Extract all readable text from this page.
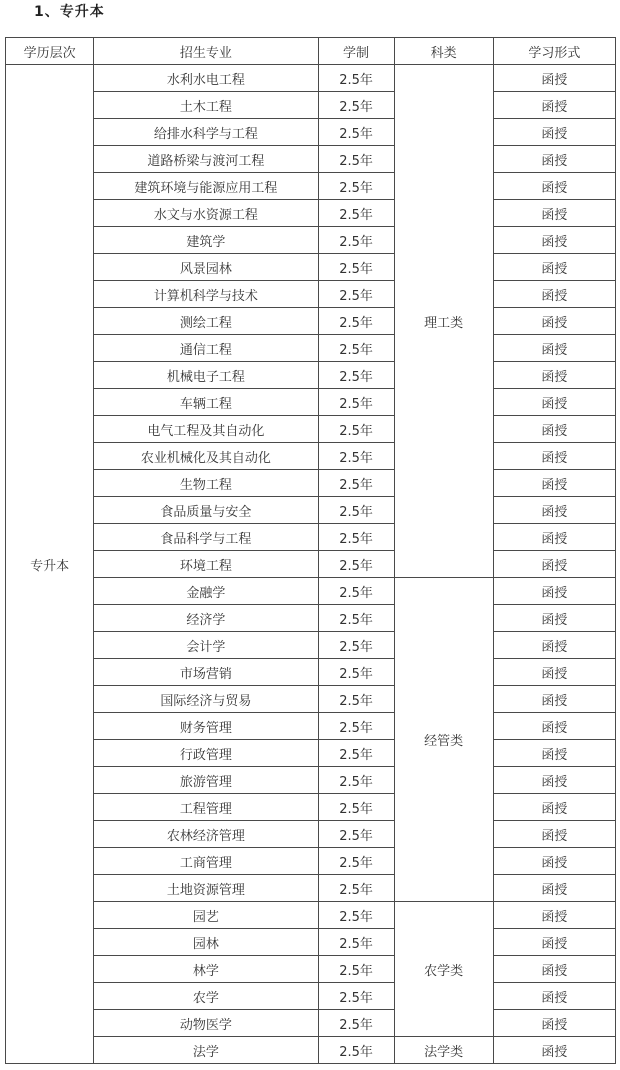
1、专升本
学历层次	招生专业	学制	科类	学习形式
专升本	水利水电工程	2.5年	理工类	函授
	土木工程	2.5年		函授
	给排水科学与工程	2.5年		函授
	道路桥梁与渡河工程	2.5年		函授
	建筑环境与能源应用工程	2.5年		函授
	水文与水资源工程	2.5年		函授
	建筑学	2.5年		函授
	风景园林	2.5年		函授
	计算机科学与技术	2.5年		函授
	测绘工程	2.5年		函授
	通信工程	2.5年		函授
	机械电子工程	2.5年		函授
	车辆工程	2.5年		函授
	电气工程及其自动化	2.5年		函授
	农业机械化及其自动化	2.5年		函授
	生物工程	2.5年		函授
	食品质量与安全	2.5年		函授
	食品科学与工程	2.5年		函授
	环境工程	2.5年		函授
	金融学	2.5年	经管类	函授
	经济学	2.5年		函授
	会计学	2.5年		函授
	市场营销	2.5年		函授
	国际经济与贸易	2.5年		函授
	财务管理	2.5年		函授
	行政管理	2.5年		函授
	旅游管理	2.5年		函授
	工程管理	2.5年		函授
	农林经济管理	2.5年		函授
	工商管理	2.5年		函授
	土地资源管理	2.5年		函授
	园艺	2.5年	农学类	函授
	园林	2.5年		函授
	林学	2.5年		函授
	农学	2.5年		函授
	动物医学	2.5年		函授
	法学	2.5年	法学类	函授
